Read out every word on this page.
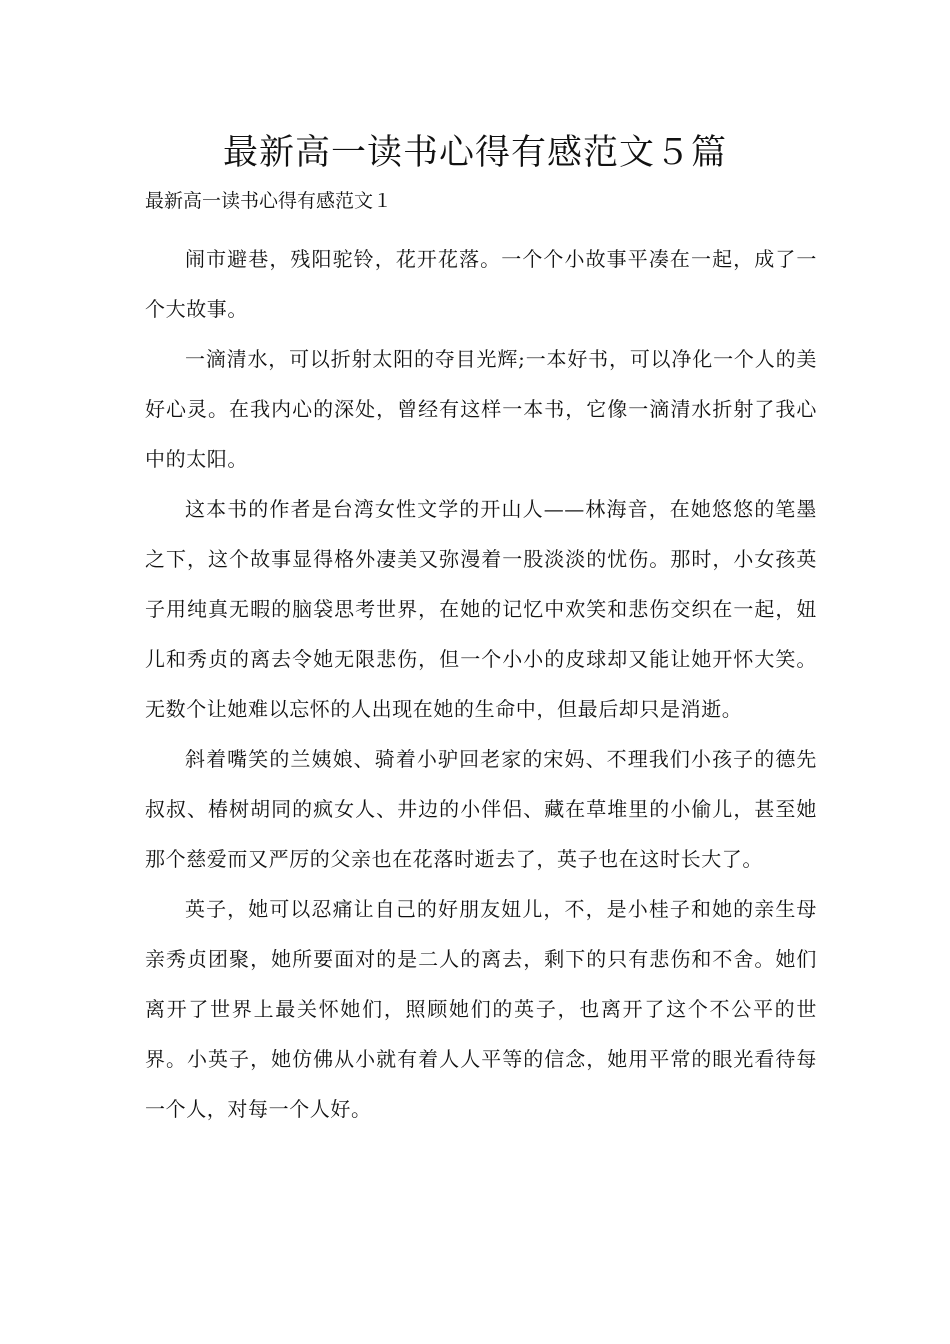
最新高一读书心得有感范文５篇
最新高一读书心得有感范文１

闹市避巷，残阳驼铃，花开花落。一个个小故事平凑在一起，成了一个大故事。

一滴清水，可以折射太阳的夺目光辉;一本好书，可以净化一个人的美好心灵。在我内心的深处，曾经有这样一本书，它像一滴清水折射了我心中的太阳。

这本书的作者是台湾女性文学的开山人——林海音，在她悠悠的笔墨之下，这个故事显得格外凄美又弥漫着一股淡淡的忧伤。那时，小女孩英子用纯真无暇的脑袋思考世界，在她的记忆中欢笑和悲伤交织在一起，妞儿和秀贞的离去令她无限悲伤，但一个小小的皮球却又能让她开怀大笑。无数个让她难以忘怀的人出现在她的生命中，但最后却只是消逝。

斜着嘴笑的兰姨娘、骑着小驴回老家的宋妈、不理我们小孩子的德先叔叔、椿树胡同的疯女人、井边的小伴侣、藏在草堆里的小偷儿，甚至她那个慈爱而又严厉的父亲也在花落时逝去了，英子也在这时长大了。

英子，她可以忍痛让自己的好朋友妞儿，不，是小桂子和她的亲生母亲秀贞团聚，她所要面对的是二人的离去，剩下的只有悲伤和不舍。她们离开了世界上最关怀她们，照顾她们的英子，也离开了这个不公平的世界。小英子，她仿佛从小就有着人人平等的信念，她用平常的眼光看待每一个人，对每一个人好。
